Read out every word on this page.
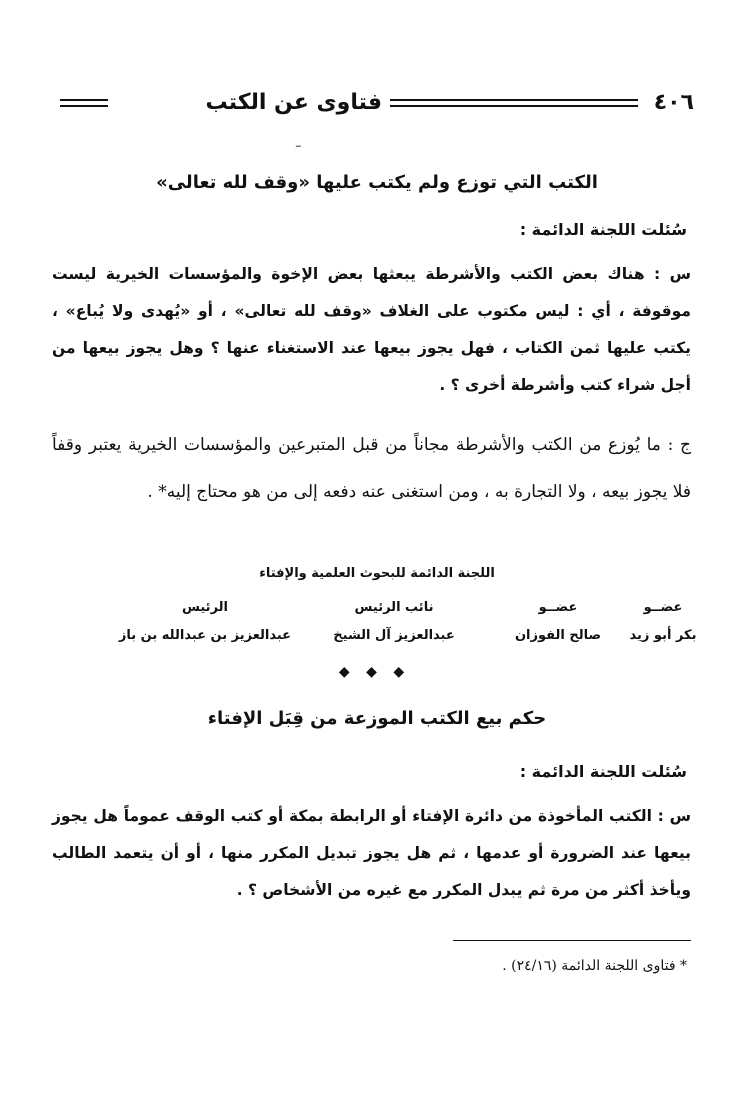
٤٠٦
فتاوى عن الكتب
ـ
الكتب التي توزع ولم يكتب عليها «وقف لله تعالى»
سُئلت اللجنة الدائمة :

س : هناك بعض الكتب والأشرطة يبعثها بعض الإخوة والمؤسسات الخيرية ليست موقوفة ، أي : ليس مكتوب على الغلاف «وقف لله تعالى» ، أو «يُهدى ولا يُباع» ، يكتب عليها ثمن الكتاب ، فهل يجوز بيعها عند الاستغناء عنها ؟ وهل يجوز بيعها من أجل شراء كتب وأشرطة أخرى ؟ .

ج : ما يُوزع من الكتب والأشرطة مجاناً من قبل المتبرعين والمؤسسات الخيرية يعتبر وقفاً فلا يجوز بيعه ، ولا التجارة به ، ومن استغنى عنه دفعه إلى من هو محتاج إليه* .

اللجنة الدائمة للبحوث العلمية والإفتاء
عضــو
عضــو
نائب الرئيس
الرئيس
بكر أبو زيد
صالح الفوزان
عبدالعزيز آل الشيخ
عبدالعزيز بن عبدالله بن باز
◆ ◆ ◆
حكم بيع الكتب الموزعة من قِبَل الإفتاء
سُئلت اللجنة الدائمة :

س : الكتب المأخوذة من دائرة الإفتاء أو الرابطة بمكة أو كتب الوقف عموماً هل يجوز بيعها عند الضرورة أو عدمها ، ثم هل يجوز تبديل المكرر منها ، أو أن يتعمد الطالب ويأخذ أكثر من مرة ثم يبدل المكرر مع غيره من الأشخاص ؟ .

* فتاوى اللجنة الدائمة (٢٤/١٦) .
